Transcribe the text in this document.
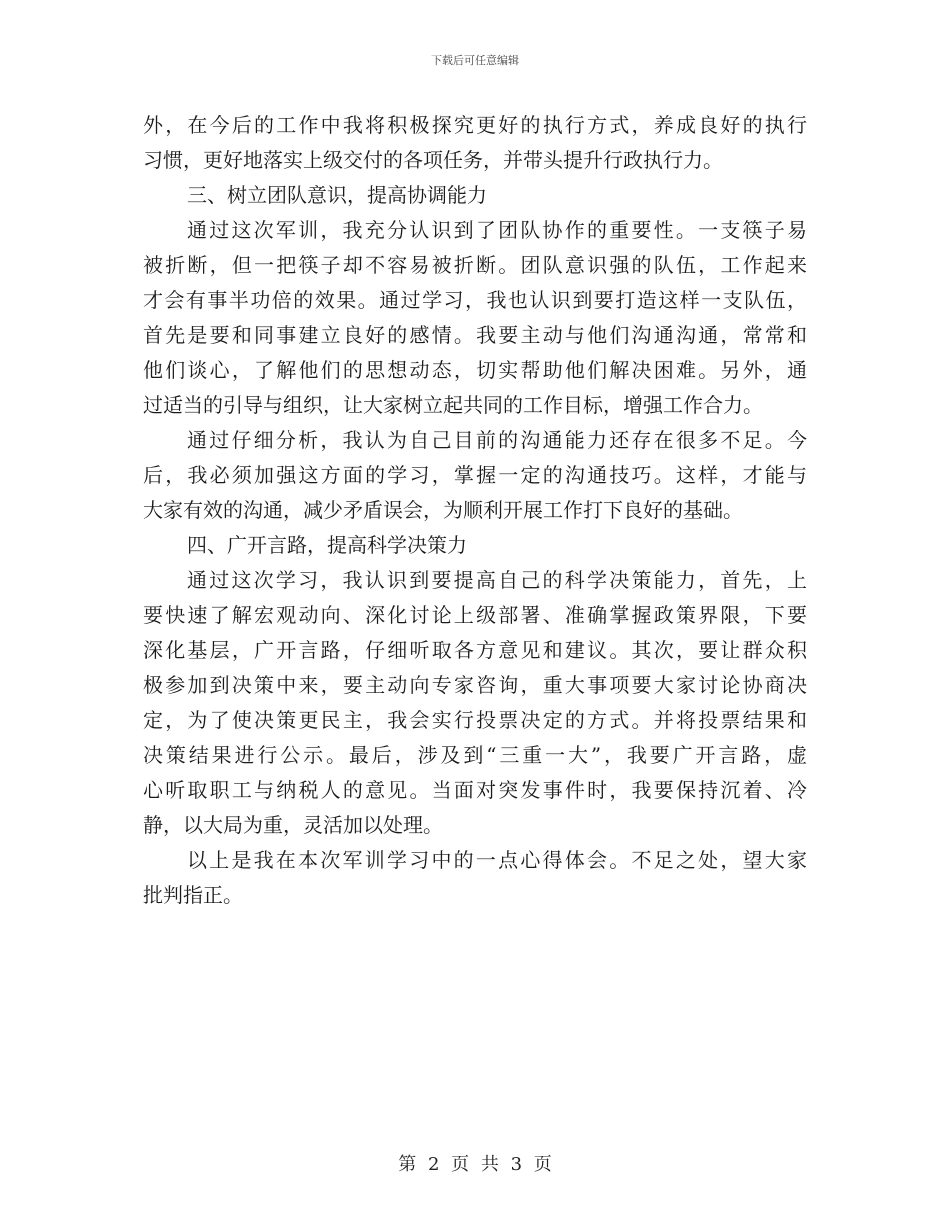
下载后可任意编辑
外，在今后的工作中我将积极探究更好的执行方式，养成良好的执行
习惯，更好地落实上级交付的各项任务，并带头提升行政执行力。
三、树立团队意识，提高协调能力
通过这次军训，我充分认识到了团队协作的重要性。一支筷子易
被折断，但一把筷子却不容易被折断。团队意识强的队伍，工作起来
才会有事半功倍的效果。通过学习，我也认识到要打造这样一支队伍，
首先是要和同事建立良好的感情。我要主动与他们沟通沟通，常常和
他们谈心，了解他们的思想动态，切实帮助他们解决困难。另外，通
过适当的引导与组织，让大家树立起共同的工作目标，增强工作合力。
通过仔细分析，我认为自己目前的沟通能力还存在很多不足。今
后，我必须加强这方面的学习，掌握一定的沟通技巧。这样，才能与
大家有效的沟通，减少矛盾误会，为顺利开展工作打下良好的基础。
四、广开言路，提高科学决策力
通过这次学习，我认识到要提高自己的科学决策能力，首先，上
要快速了解宏观动向、深化讨论上级部署、准确掌握政策界限，下要
深化基层，广开言路，仔细听取各方意见和建议。其次，要让群众积
极参加到决策中来，要主动向专家咨询，重大事项要大家讨论协商决
定，为了使决策更民主，我会实行投票决定的方式。并将投票结果和
决策结果进行公示。最后，涉及到“三重一大”，我要广开言路，虚
心听取职工与纳税人的意见。当面对突发事件时，我要保持沉着、冷
静，以大局为重，灵活加以处理。
以上是我在本次军训学习中的一点心得体会。不足之处，望大家
批判指正。
第 2 页 共 3 页
